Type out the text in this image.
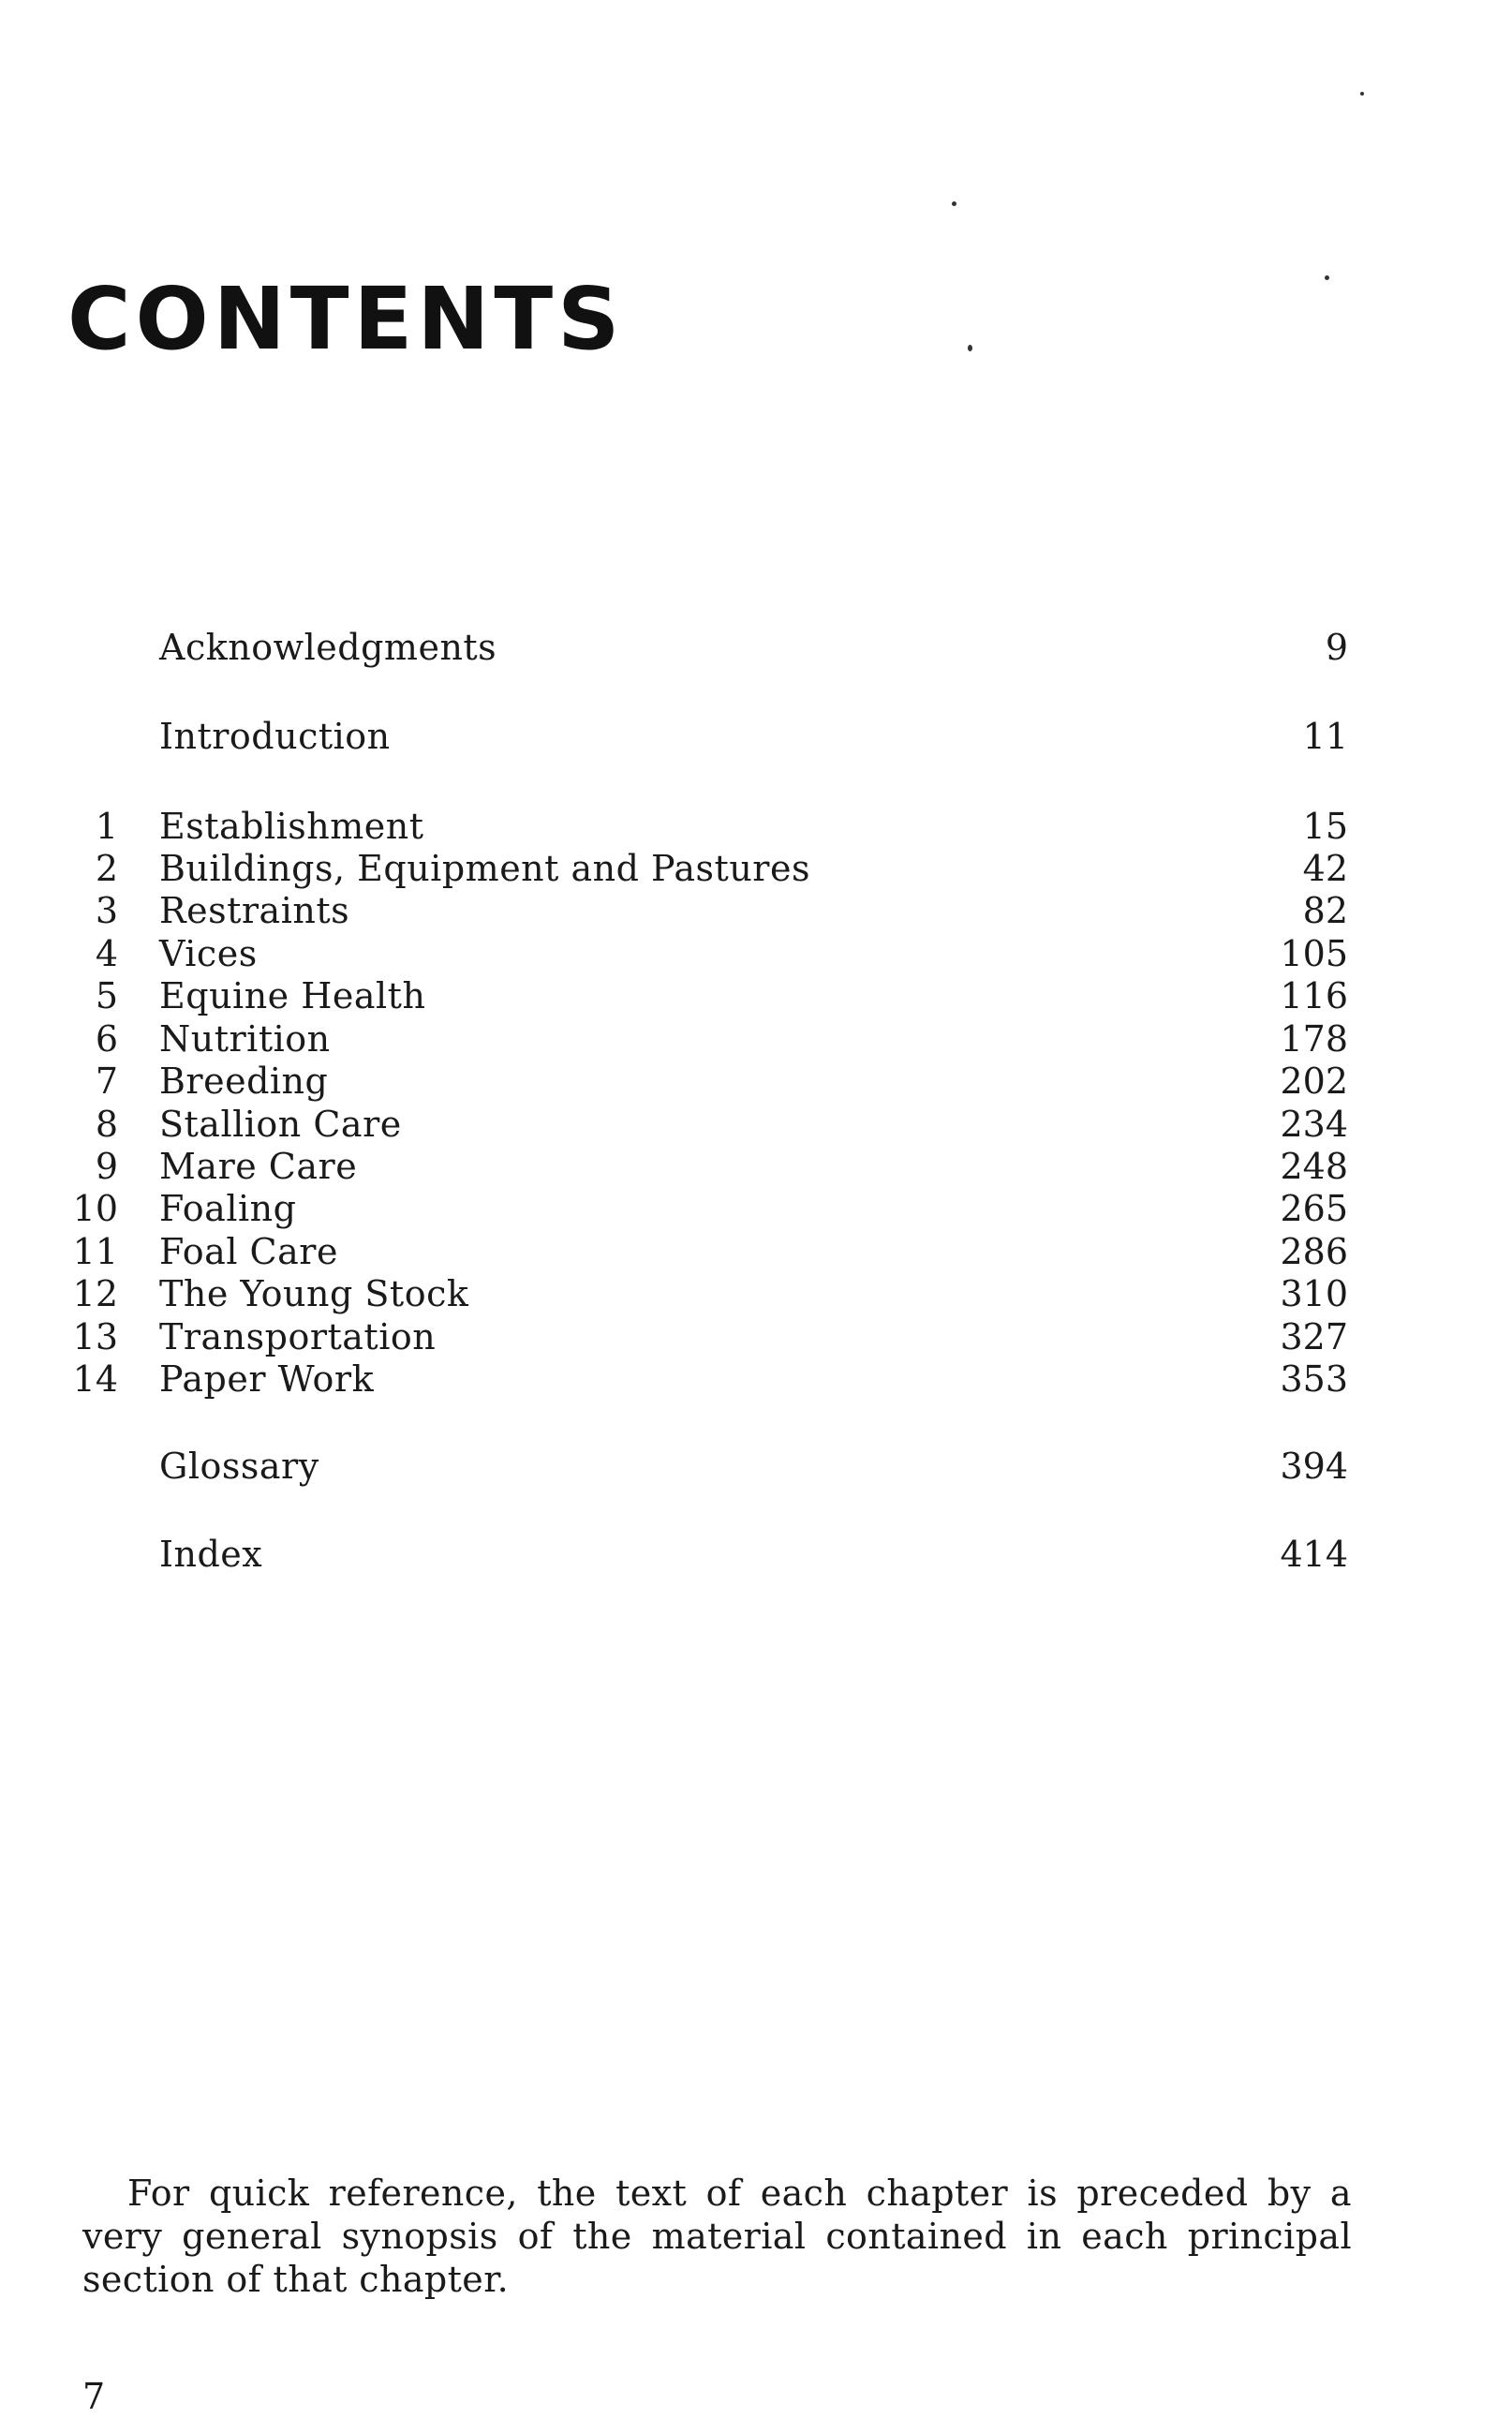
CONTENTS
Acknowledgments	9
Introduction	11
1 Establishment	15
2 Buildings, Equipment and Pastures	42
3 Restraints	82
4 Vices	105
5 Equine Health	116
6 Nutrition	178
7 Breeding	202
8 Stallion Care	234
9 Mare Care	248
10 Foaling	265
11 Foal Care	286
12 The Young Stock	310
13 Transportation	327
14 Paper Work	353
Glossary	394
Index	414

For quick reference, the text of each chapter is preceded by a very general synopsis of the material contained in each principal section of that chapter.

7
